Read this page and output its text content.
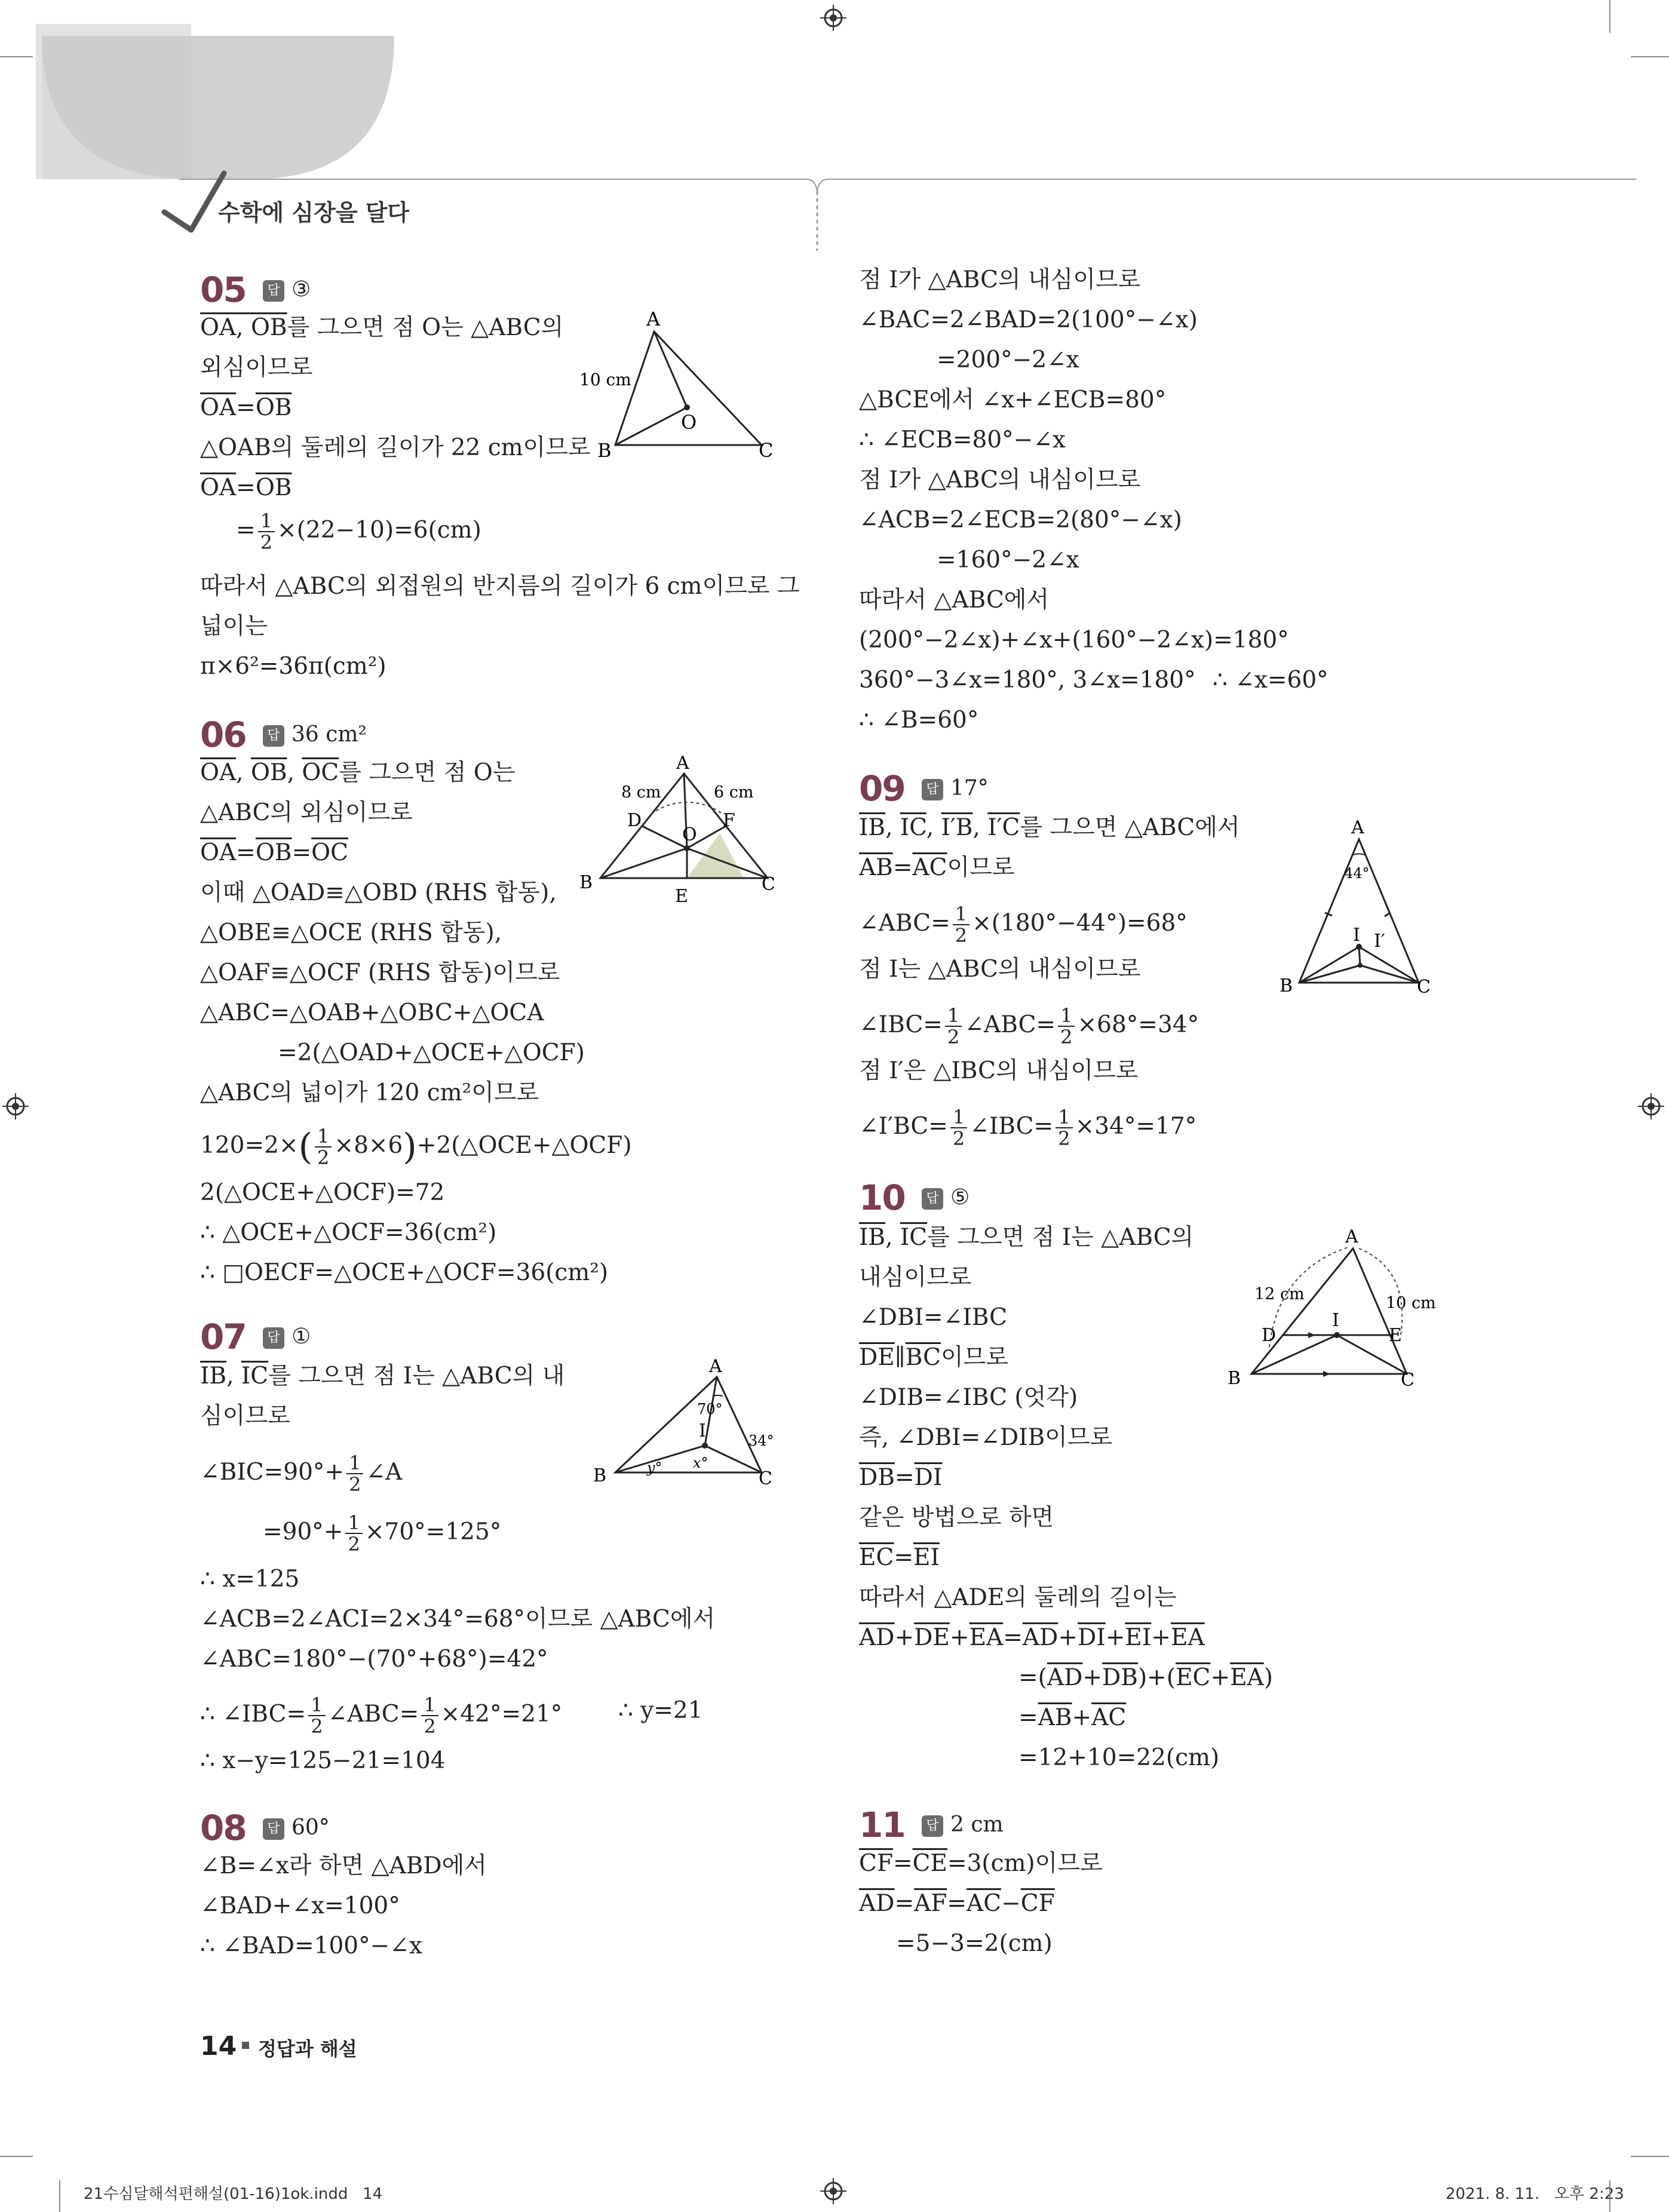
수학에 심장을 달다
05	답 ③
OA, $\overline{OB}$를 그으면 점 O는 △ABC의
외심이므로
$\overline{OA}=\overline{OB}$
△OAB의 둘레의 길이가 22 cm이므로
$\overline{OA}=\overline{OB}$
= $\frac{1}{2} \times(22-10)=6(cm)$
따라서 △ABC의 외접원의 반지름의 길이가 6 cm이므로 그
넓이는
π×6²=36π(cm²)
A
B	C
O
10 cm
06	답 36 cm²
$\overline{OA}$, $\overline{OB}$, $\overline{OC}$를 그으면 점 O는
△ABC의 외심이므로
$\overline{OA}=\overline{OB}=\overline{OC}$
이때 △OAD≡△OBD (RHS 합동),
△OBE≡△OCE (RHS 합동),
△OAF≡△OCF (RHS 합동)이므로
△ABC=△OAB+△OBC+△OCA
=2(△OAD+△OCE+△OCF)
△ABC의 넓이가 120 cm²이므로
$120=2\times( \frac{1}{2}$ ×8×6)+2(△OCE+△OCF)
2(△OCE+△OCF)=72
∴ △OCE+△OCF=36(cm²)
∴ □OECF=△OCE+△OCF=36(cm²)
A
B	C
D
E
F
O
8 cm	6 cm
07	답 ①
$\overline{IB}$, $\overline{IC}$를 그으면 점 I는 △ABC의 내
심이므로
∠BIC=90°+ $\frac{1}{2}$ ∠A
$=90^\circ+ \frac{1}{2} \times 70^\circ=125^\circ$
∴ x=125
∠ACB=2∠ACI=2×34°=68°이므로 △ABC에서
∠ABC=180°−(70°+68°)=42°
∴ ∠IBC= $\frac{1}{2}$ ∠ABC= $\frac{1}{2} \times 42^\circ=21^\circ$ ∴ y=21
∴ x−y=125−21=104
A
B	C
I
70°
34°
x°
y°
08	답 60°
∠B=∠x라 하면 △ABD에서
∠BAD+∠x=100°
∴ ∠BAD=100°−∠x
점 I가 △ABC의 내심이므로
∠BAC=2∠BAD=2(100°−∠x)
=200°−2∠x
△BCE에서 ∠x+∠ECB=80°
∴ ∠ECB=80°−∠x
점 I가 △ABC의 내심이므로
∠ACB=2∠ECB=2(80°−∠x)
=160°−2∠x
따라서 △ABC에서
(200°−2∠x)+∠x+(160°−2∠x)=180°
360°−3∠x=180°, 3∠x=180° ∴ ∠x=60°
∴ ∠B=60°
09	답 17°
$\overline{IB}$, $\overline{IC}$, I′B, I′C를 그으면 △ABC에서
$\overline{AB}=\overline{AC}$이므로
∠ABC= $\frac{1}{2} \times(180^\circ-44^\circ)=68^\circ$
점 I는 △ABC의 내심이므로
∠IBC= $\frac{1}{2}$ ∠ABC= $\frac{1}{2} \times 68^\circ=34^\circ$
점 I′은 △IBC의 내심이므로
∠I′BC= $\frac{1}{2}$ ∠IBC= $\frac{1}{2} \times 34^\circ=17^\circ$
A
B	C
I I′
44°
10	답 ⑤
$\overline{IB}$, $\overline{IC}$를 그으면 점 I는 △ABC의
내심이므로
∠DBI=∠IBC
$\overline{DE}\parallel\overline{BC}$이므로
∠DIB=∠IBC (엇각)
즉, ∠DBI=∠DIB이므로
$\overline{DB}=\overline{DI}$
같은 방법으로 하면
$\overline{EC}=\overline{EI}$
따라서 △ADE의 둘레의 길이는
$\overline{AD}+\overline{DE}+\overline{EA}=\overline{AD}+\overline{DI}+\overline{EI}+\overline{EA}$
$=(\overline{AD}+\overline{DB})+(\overline{EC}+\overline{EA})$
$=\overline{AB}+\overline{AC}$
=12+10=22(cm)
A
B	C
D	E
I
12 cm	10 cm
11	답 2 cm
$\overline{CF}=\overline{CE}=3(cm)$이므로
$\overline{AD}=\overline{AF}=\overline{AC}-\overline{CF}$
=5−3=2(cm)
14 정답과 해설
21수심달해석편해설(01-16)1ok.indd   14	2021. 8. 11.   오후 2:23
